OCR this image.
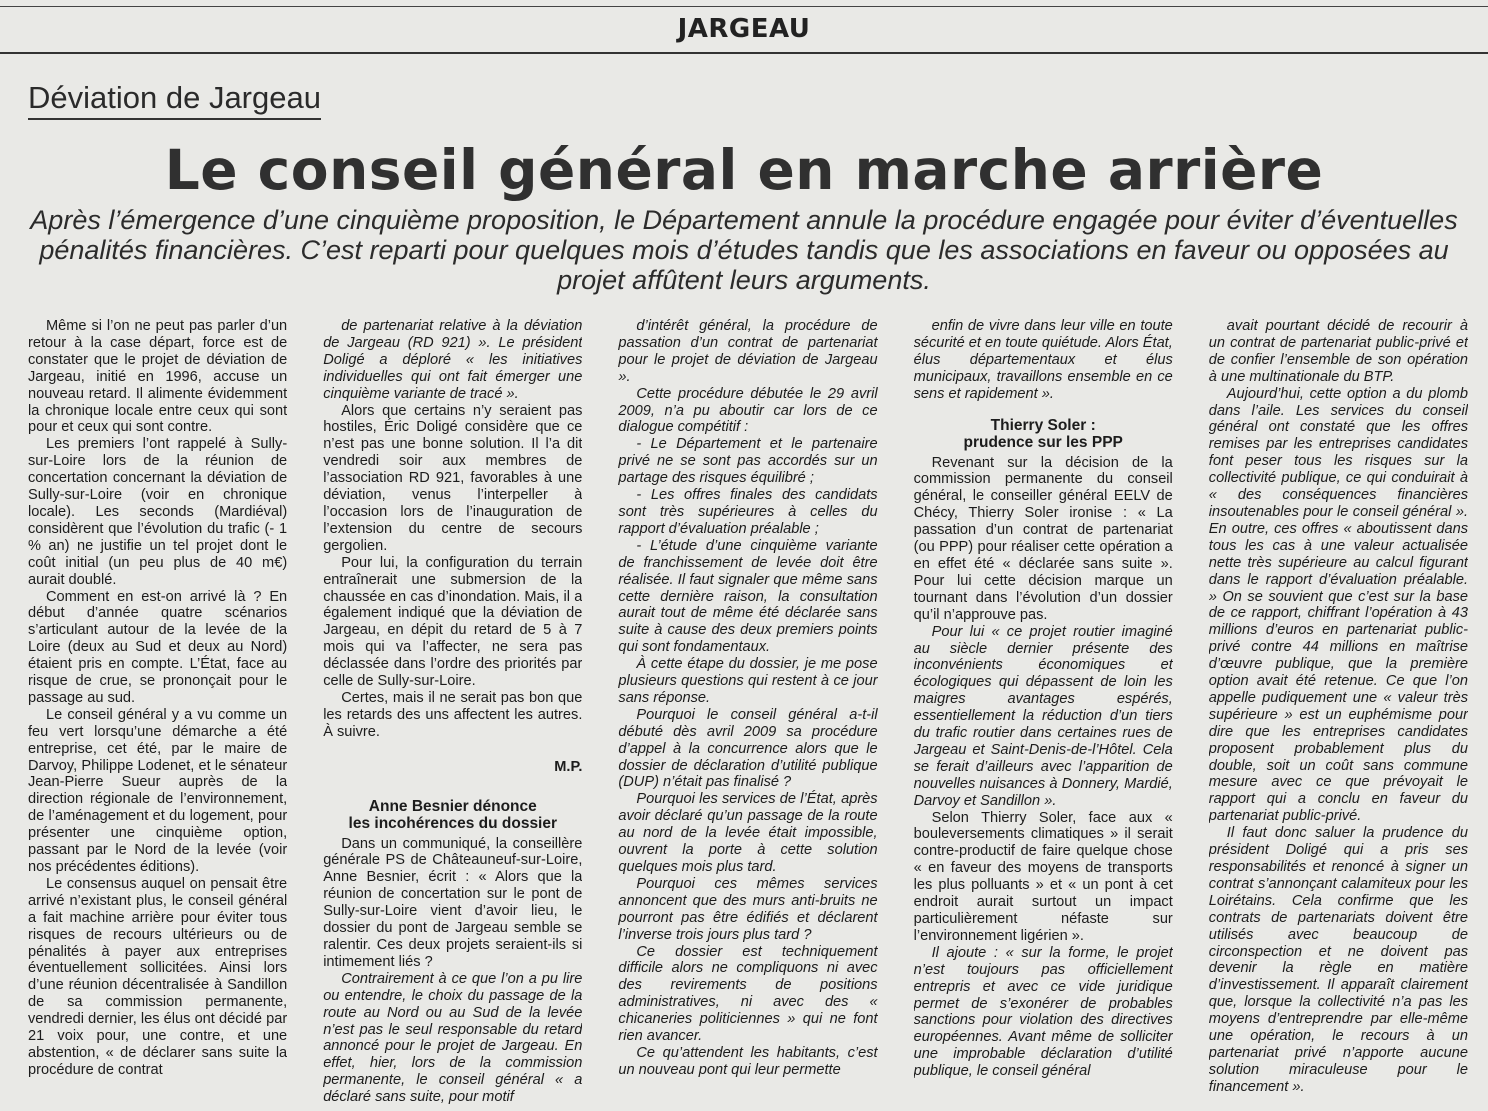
JARGEAU
Déviation de Jargeau
Le conseil général en marche arrière
Après l’émergence d’une cinquième proposition, le Département annule la procédure engagée pour éviter d’éventuelles pénalités financières. C’est reparti pour quelques mois d’études tandis que les associations en faveur ou opposées au projet affûtent leurs arguments.

Même si l’on ne peut pas parler d’un retour à la case départ, force est de constater que le projet de déviation de Jargeau, initié en 1996, accuse un nouveau retard. Il alimente évidemment la chronique locale entre ceux qui sont pour et ceux qui sont contre.

Les premiers l’ont rappelé à Sully-sur-Loire lors de la réunion de concertation concernant la déviation de Sully-sur-Loire (voir en chronique locale). Les seconds (Mardiéval) considèrent que l’évolution du trafic (- 1 % an) ne justifie un tel projet dont le coût initial (un peu plus de 40 m€) aurait doublé.

Comment en est-on arrivé là ? En début d’année quatre scénarios s’articulant autour de la levée de la Loire (deux au Sud et deux au Nord) étaient pris en compte. L’État, face au risque de crue, se prononçait pour le passage au sud.

Le conseil général y a vu comme un feu vert lorsqu’une démarche a été entreprise, cet été, par le maire de Darvoy, Philippe Lodenet, et le sénateur Jean-Pierre Sueur auprès de la direction régionale de l’environnement, de l’aménagement et du logement, pour présenter une cinquième option, passant par le Nord de la levée (voir nos précédentes éditions).

Le consensus auquel on pensait être arrivé n’existant plus, le conseil général a fait machine arrière pour éviter tous risques de recours ultérieurs ou de pénalités à payer aux entreprises éventuellement sollicitées. Ainsi lors d’une réunion décentralisée à Sandillon de sa commission permanente, vendredi dernier, les élus ont décidé par 21 voix pour, une contre, et une abstention, « de déclarer sans suite la procédure de contrat

de partenariat relative à la déviation de Jargeau (RD 921) ». Le président Doligé a déploré « les initiatives individuelles qui ont fait émerger une cinquième variante de tracé ».

Alors que certains n’y seraient pas hostiles, Éric Doligé considère que ce n’est pas une bonne solution. Il l’a dit vendredi soir aux membres de l’association RD 921, favorables à une déviation, venus l’interpeller à l’occasion lors de l’inauguration de l’extension du centre de secours gergolien.

Pour lui, la configuration du terrain entraînerait une submersion de la chaussée en cas d’inondation. Mais, il a également indiqué que la déviation de Jargeau, en dépit du retard de 5 à 7 mois qui va l’affecter, ne sera pas déclassée dans l’ordre des priorités par celle de Sully-sur-Loire.

Certes, mais il ne serait pas bon que les retards des uns affectent les autres. À suivre.

M.P.

Anne Besnier dénonce
les incohérences du dossier

Dans un communiqué, la conseillère générale PS de Châteauneuf-sur-Loire, Anne Besnier, écrit : « Alors que la réunion de concertation sur le pont de Sully-sur-Loire vient d’avoir lieu, le dossier du pont de Jargeau semble se ralentir. Ces deux projets seraient-ils si intimement liés ?

Contrairement à ce que l’on a pu lire ou entendre, le choix du passage de la route au Nord ou au Sud de la levée n’est pas le seul responsable du retard annoncé pour le projet de Jargeau. En effet, hier, lors de la commission permanente, le conseil général « a déclaré sans suite, pour motif

d’intérêt général, la procédure de passation d’un contrat de partenariat pour le projet de déviation de Jargeau ».

Cette procédure débutée le 29 avril 2009, n’a pu aboutir car lors de ce dialogue compétitif :

- Le Département et le partenaire privé ne se sont pas accordés sur un partage des risques équilibré ;

- Les offres finales des candidats sont très supérieures à celles du rapport d’évaluation préalable ;

- L’étude d’une cinquième variante de franchissement de levée doit être réalisée. Il faut signaler que même sans cette dernière raison, la consultation aurait tout de même été déclarée sans suite à cause des deux premiers points qui sont fondamentaux.

À cette étape du dossier, je me pose plusieurs questions qui restent à ce jour sans réponse.

Pourquoi le conseil général a-t-il débuté dès avril 2009 sa procédure d’appel à la concurrence alors que le dossier de déclaration d’utilité publique (DUP) n’était pas finalisé ?

Pourquoi les services de l’État, après avoir déclaré qu’un passage de la route au nord de la levée était impossible, ouvrent la porte à cette solution quelques mois plus tard.

Pourquoi ces mêmes services annoncent que des murs anti-bruits ne pourront pas être édifiés et déclarent l’inverse trois jours plus tard ?

Ce dossier est techniquement difficile alors ne compliquons ni avec des revirements de positions administratives, ni avec des « chicaneries politiciennes » qui ne font rien avancer.

Ce qu’attendent les habitants, c’est un nouveau pont qui leur permette

enfin de vivre dans leur ville en toute sécurité et en toute quiétude. Alors État, élus départementaux et élus municipaux, travaillons ensemble en ce sens et rapidement ».

Thierry Soler :
prudence sur les PPP

Revenant sur la décision de la commission permanente du conseil général, le conseiller général EELV de Chécy, Thierry Soler ironise : « La passation d’un contrat de partenariat (ou PPP) pour réaliser cette opération a en effet été « déclarée sans suite ». Pour lui cette décision marque un tournant dans l’évolution d’un dossier qu’il n’approuve pas.

Pour lui « ce projet routier imaginé au siècle dernier présente des inconvénients économiques et écologiques qui dépassent de loin les maigres avantages espérés, essentiellement la réduction d’un tiers du trafic routier dans certaines rues de Jargeau et Saint-Denis-de-l’Hôtel. Cela se ferait d’ailleurs avec l’apparition de nouvelles nuisances à Donnery, Mardié, Darvoy et Sandillon ».

Selon Thierry Soler, face aux « bouleversements climatiques » il serait contre-productif de faire quelque chose « en faveur des moyens de transports les plus polluants » et « un pont à cet endroit aurait surtout un impact particulièrement néfaste sur l’environnement ligérien ».

Il ajoute : « sur la forme, le projet n’est toujours pas officiellement entrepris et avec ce vide juridique permet de s’exonérer de probables sanctions pour violation des directives européennes. Avant même de solliciter une improbable déclaration d’utilité publique, le conseil général

avait pourtant décidé de recourir à un contrat de partenariat public-privé et de confier l’ensemble de son opération à une multinationale du BTP.

Aujourd’hui, cette option a du plomb dans l’aile. Les services du conseil général ont constaté que les offres remises par les entreprises candidates font peser tous les risques sur la collectivité publique, ce qui conduirait à « des conséquences financières insoutenables pour le conseil général ». En outre, ces offres « aboutissent dans tous les cas à une valeur actualisée nette très supérieure au calcul figurant dans le rapport d’évaluation préalable. » On se souvient que c’est sur la base de ce rapport, chiffrant l’opération à 43 millions d’euros en partenariat public-privé contre 44 millions en maîtrise d’œuvre publique, que la première option avait été retenue. Ce que l’on appelle pudiquement une « valeur très supérieure » est un euphémisme pour dire que les entreprises candidates proposent probablement plus du double, soit un coût sans commune mesure avec ce que prévoyait le rapport qui a conclu en faveur du partenariat public-privé.

Il faut donc saluer la prudence du président Doligé qui a pris ses responsabilités et renoncé à signer un contrat s’annonçant calamiteux pour les Loirétains. Cela confirme que les contrats de partenariats doivent être utilisés avec beaucoup de circonspection et ne doivent pas devenir la règle en matière d’investissement. Il apparaît clairement que, lorsque la collectivité n’a pas les moyens d’entreprendre par elle-même une opération, le recours à un partenariat privé n’apporte aucune solution miraculeuse pour le financement ».
